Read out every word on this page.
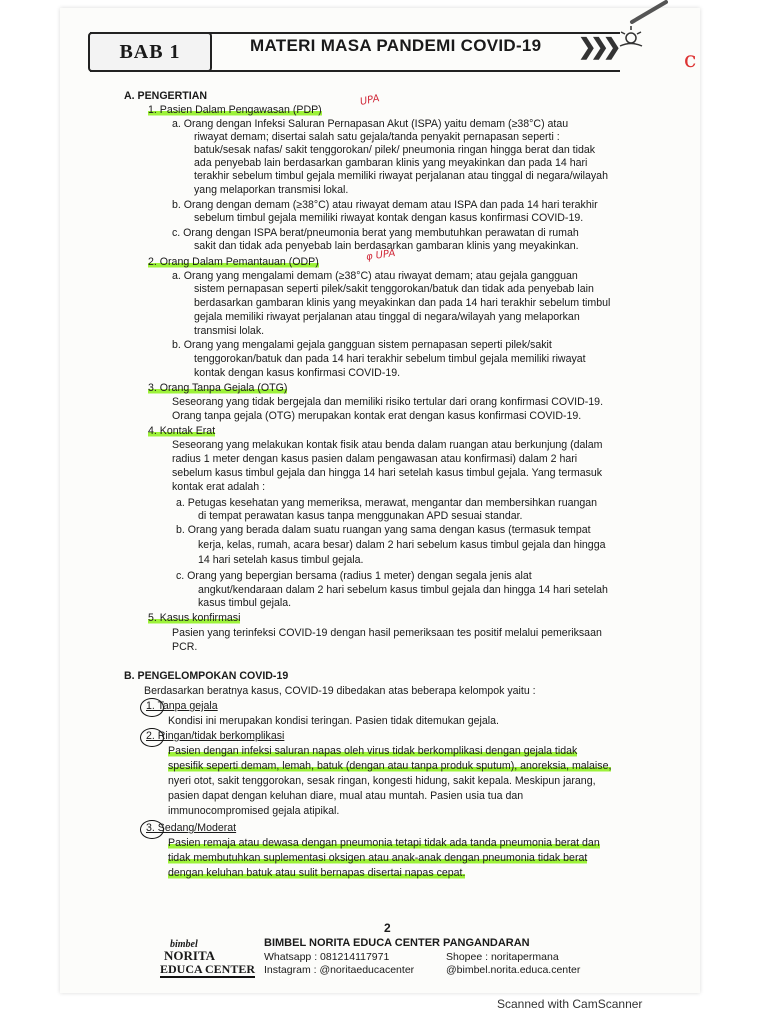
BAB 1	MATERI MASA PANDEMI COVID-19 ❯❯❯
c
A. PENGERTIAN
B. PENGELOMPOKAN COVID-19
1. Pasien Dalam Pengawasan (PDP)
a. Orang dengan Infeksi Saluran Pernapasan Akut (ISPA) yaitu demam (≥38°C) atau
riwayat demam; disertai salah satu gejala/tanda penyakit pernapasan seperti :
batuk/sesak nafas/ sakit tenggorokan/ pilek/ pneumonia ringan hingga berat dan tidak
ada penyebab lain berdasarkan gambaran klinis yang meyakinkan dan pada 14 hari
terakhir sebelum timbul gejala memiliki riwayat perjalanan atau tinggal di negara/wilayah
yang melaporkan transmisi lokal.
b. Orang dengan demam (≥38°C) atau riwayat demam atau ISPA dan pada 14 hari terakhir
sebelum timbul gejala memiliki riwayat kontak dengan kasus konfirmasi COVID-19.
c. Orang dengan ISPA berat/pneumonia berat yang membutuhkan perawatan di rumah
sakit dan tidak ada penyebab lain berdasarkan gambaran klinis yang meyakinkan.
2. Orang Dalam Pemantauan (ODP)
a. Orang yang mengalami demam (≥38°C) atau riwayat demam; atau gejala gangguan
sistem pernapasan seperti pilek/sakit tenggorokan/batuk dan tidak ada penyebab lain
berdasarkan gambaran klinis yang meyakinkan dan pada 14 hari terakhir sebelum timbul
gejala memiliki riwayat perjalanan atau tinggal di negara/wilayah yang melaporkan
transmisi lolak.
b. Orang yang mengalami gejala gangguan sistem pernapasan seperti pilek/sakit
tenggorokan/batuk dan pada 14 hari terakhir sebelum timbul gejala memiliki riwayat
kontak dengan kasus konfirmasi COVID-19.
3. Orang Tanpa Gejala (OTG)
Seseorang yang tidak bergejala dan memiliki risiko tertular dari orang konfirmasi COVID-19.
Orang tanpa gejala (OTG) merupakan kontak erat dengan kasus konfirmasi COVID-19.
4. Kontak Erat
Seseorang yang melakukan kontak fisik atau benda dalam ruangan atau berkunjung (dalam
radius 1 meter dengan kasus pasien dalam pengawasan atau konfirmasi) dalam 2 hari
sebelum kasus timbul gejala dan hingga 14 hari setelah kasus timbul gejala. Yang termasuk
kontak erat adalah :
a. Petugas kesehatan yang memeriksa, merawat, mengantar dan membersihkan ruangan
di tempat perawatan kasus tanpa menggunakan APD sesuai standar.
b. Orang yang berada dalam suatu ruangan yang sama dengan kasus (termasuk tempat
kerja, kelas, rumah, acara besar) dalam 2 hari sebelum kasus timbul gejala dan hingga
14 hari setelah kasus timbul gejala.
c. Orang yang bepergian bersama (radius 1 meter) dengan segala jenis alat
angkut/kendaraan dalam 2 hari sebelum kasus timbul gejala dan hingga 14 hari setelah
kasus timbul gejala.
5. Kasus konfirmasi
Pasien yang terinfeksi COVID-19 dengan hasil pemeriksaan tes positif melalui pemeriksaan
PCR.
Berdasarkan beratnya kasus, COVID-19 dibedakan atas beberapa kelompok yaitu :
1. Tanpa gejala
Kondisi ini merupakan kondisi teringan. Pasien tidak ditemukan gejala.
2. Ringan/tidak berkomplikasi
Pasien dengan infeksi saluran napas oleh virus tidak berkomplikasi dengan gejala tidak
spesifik seperti demam, lemah, batuk (dengan atau tanpa produk sputum), anoreksia, malaise,
nyeri otot, sakit tenggorokan, sesak ringan, kongesti hidung, sakit kepala. Meskipun jarang,
pasien dapat dengan keluhan diare, mual atau muntah. Pasien usia tua dan
immunocompromised gejala atipikal.
3. Sedang/Moderat
Pasien remaja atau dewasa dengan pneumonia tetapi tidak ada tanda pneumonia berat dan
tidak membutuhkan suplementasi oksigen atau anak-anak dengan pneumonia tidak berat
dengan keluhan batuk atau sulit bernapas disertai napas cepat.
UPA
φ UPA
2
bimbel
NORITA
EDUCA CENTER
BIMBEL NORITA EDUCA CENTER PANGANDARAN
Whatsapp : 081214117971	Shopee : noritapermana
Instagram : @noritaeducacenter	@bimbel.norita.educa.center
Scanned with CamScanner
